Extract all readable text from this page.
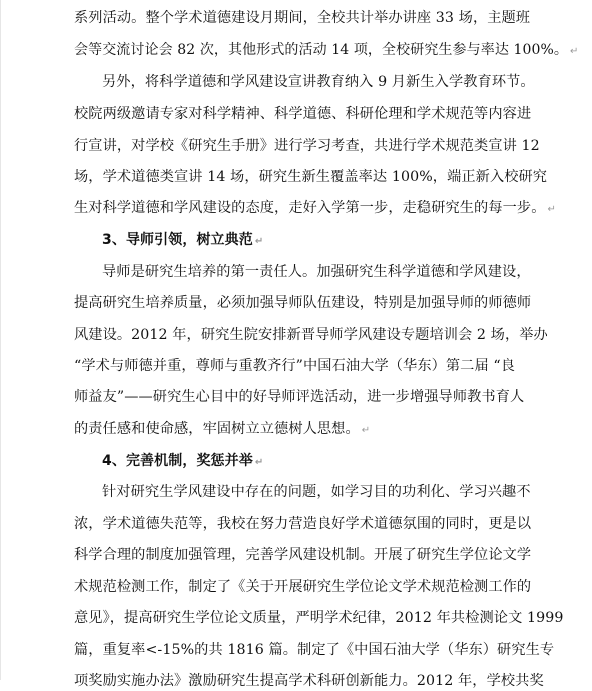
系列活动。整个学术道德建设月期间，全校共计举办讲座 33 场，主题班
会等交流讨论会 82 次，其他形式的活动 14 项，全校研究生参与率达 100%。 ↵
另外，将科学道德和学风建设宣讲教育纳入 9 月新生入学教育环节。
校院两级邀请专家对科学精神、科学道德、科研伦理和学术规范等内容进
行宣讲，对学校《研究生手册》进行学习考查，共进行学术规范类宣讲 12
场，学术道德类宣讲 14 场，研究生新生覆盖率达 100%，端正新入校研究
生对科学道德和学风建设的态度，走好入学第一步，走稳研究生的每一步。 ↵
3、导师引领，树立典范 ↵
导师是研究生培养的第一责任人。加强研究生科学道德和学风建设，
提高研究生培养质量，必须加强导师队伍建设，特别是加强导师的师德师
风建设。2012 年，研究生院安排新晋导师学风建设专题培训会 2 场，举办
“学术与师德并重，尊师与重教齐行”中国石油大学（华东）第二届 “良
师益友”——研究生心目中的好导师评选活动，进一步增强导师教书育人
的责任感和使命感，牢固树立立德树人思想。 ↵
4、完善机制，奖惩并举 ↵
针对研究生学风建设中存在的问题，如学习目的功利化、学习兴趣不
浓，学术道德失范等，我校在努力营造良好学术道德氛围的同时，更是以
科学合理的制度加强管理，完善学风建设机制。开展了研究生学位论文学
术规范检测工作，制定了《关于开展研究生学位论文学术规范检测工作的
意见》，提高研究生学位论文质量，严明学术纪律，2012 年共检测论文 1999
篇，重复率<-15%的共 1816 篇。制定了《中国石油大学（华东）研究生专
项奖励实施办法》激励研究生提高学术科研创新能力。2012 年，学校共奖
